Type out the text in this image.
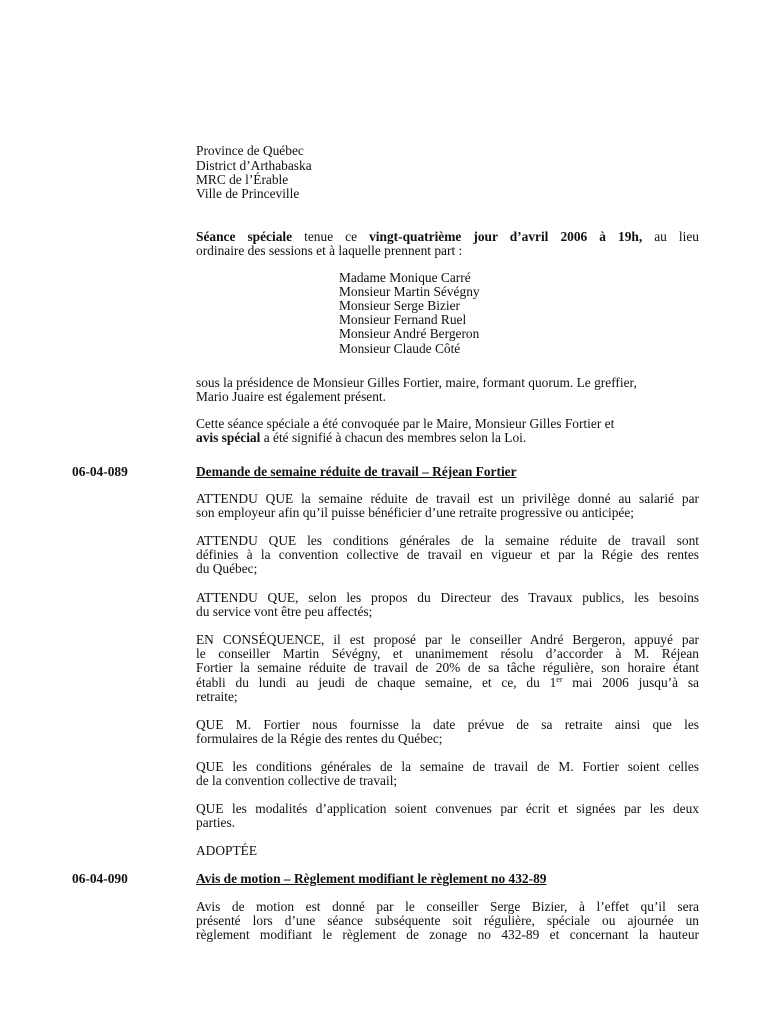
Province de Québec
District d’Arthabaska
MRC de l’Érable
Ville de Princeville
Séance spéciale tenue ce vingt-quatrième jour d’avril 2006 à 19h, au lieu
ordinaire des sessions et à laquelle prennent part :
Madame Monique Carré
Monsieur Martin Sévégny
Monsieur Serge Bizier
Monsieur Fernand Ruel
Monsieur André Bergeron
Monsieur Claude Côté
sous la présidence de Monsieur Gilles Fortier, maire, formant quorum. Le greffier,
Mario Juaire est également présent.
Cette séance spéciale a été convoquée par le Maire, Monsieur Gilles Fortier et
avis spécial a été signifié à chacun des membres selon la Loi.
06-04-089	Demande de semaine réduite de travail – Réjean Fortier
ATTENDU QUE la semaine réduite de travail est un privilège donné au salarié par
son employeur afin qu’il puisse bénéficier d’une retraite progressive ou anticipée;
ATTENDU QUE les conditions générales de la semaine réduite de travail sont
définies à la convention collective de travail en vigueur et par la Régie des rentes
du Québec;
ATTENDU QUE, selon les propos du Directeur des Travaux publics, les besoins
du service vont être peu affectés;
EN CONSÉQUENCE, il est proposé par le conseiller André Bergeron, appuyé par
le conseiller Martin Sévégny, et unanimement résolu d’accorder à M. Réjean
Fortier la semaine réduite de travail de 20% de sa tâche régulière, son horaire étant
établi du lundi au jeudi de chaque semaine, et ce, du 1er mai 2006 jusqu’à sa
retraite;
QUE M. Fortier nous fournisse la date prévue de sa retraite ainsi que les
formulaires de la Régie des rentes du Québec;
QUE les conditions générales de la semaine de travail de M. Fortier soient celles
de la convention collective de travail;
QUE les modalités d’application soient convenues par écrit et signées par les deux
parties.
ADOPTÉE
06-04-090	Avis de motion – Règlement modifiant le règlement no 432-89
Avis de motion est donné par le conseiller Serge Bizier, à l’effet qu’il sera
présenté lors d’une séance subséquente soit régulière, spéciale ou ajournée un
règlement modifiant le règlement de zonage no 432-89 et concernant la hauteur
